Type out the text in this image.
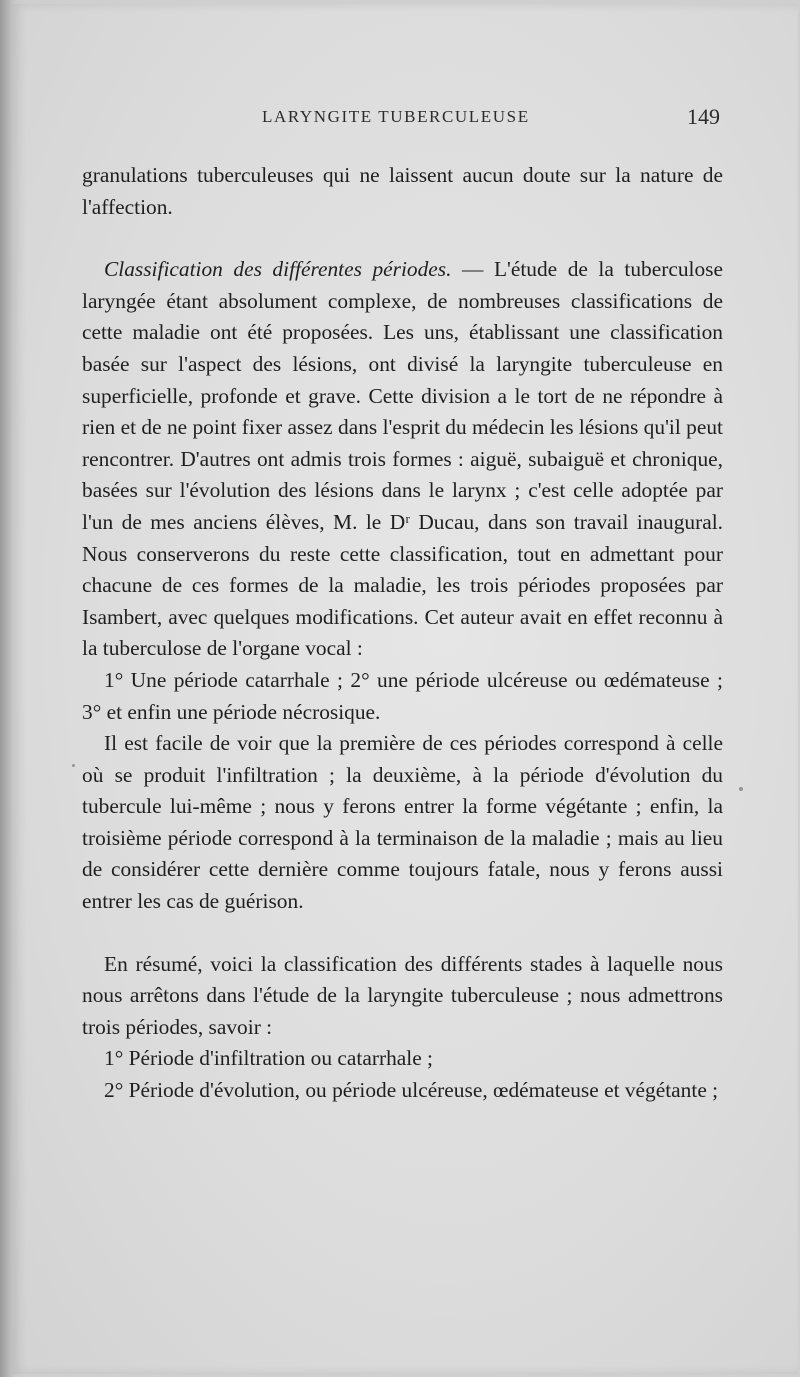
LARYNGITE TUBERCULEUSE	149

granulations tuberculeuses qui ne laissent aucun doute sur la nature de l'affection.

Classification des différentes périodes. — L'étude de la tuberculose laryngée étant absolument complexe, de nombreuses classifications de cette maladie ont été proposées. Les uns, établissant une classification basée sur l'aspect des lésions, ont divisé la laryngite tuberculeuse en superficielle, profonde et grave. Cette division a le tort de ne répondre à rien et de ne point fixer assez dans l'esprit du médecin les lésions qu'il peut rencontrer. D'autres ont admis trois formes : aiguë, subaiguë et chronique, basées sur l'évolution des lésions dans le larynx ; c'est celle adoptée par l'un de mes anciens élèves, M. le Dʳ Ducau, dans son travail inaugural. Nous conserverons du reste cette classification, tout en admettant pour chacune de ces formes de la maladie, les trois périodes proposées par Isambert, avec quelques modifications. Cet auteur avait en effet reconnu à la tuberculose de l'organe vocal :

1° Une période catarrhale ; 2° une période ulcéreuse ou œdémateuse ; 3° et enfin une période nécrosique.

Il est facile de voir que la première de ces périodes correspond à celle où se produit l'infiltration ; la deuxième, à la période d'évolution du tubercule lui-même ; nous y ferons entrer la forme végétante ; enfin, la troisième période correspond à la terminaison de la maladie ; mais au lieu de considérer cette dernière comme toujours fatale, nous y ferons aussi entrer les cas de guérison.

En résumé, voici la classification des différents stades à laquelle nous nous arrêtons dans l'étude de la laryngite tuberculeuse ; nous admettrons trois périodes, savoir :

1° Période d'infiltration ou catarrhale ;

2° Période d'évolution, ou période ulcéreuse, œdémateuse et végétante ;
